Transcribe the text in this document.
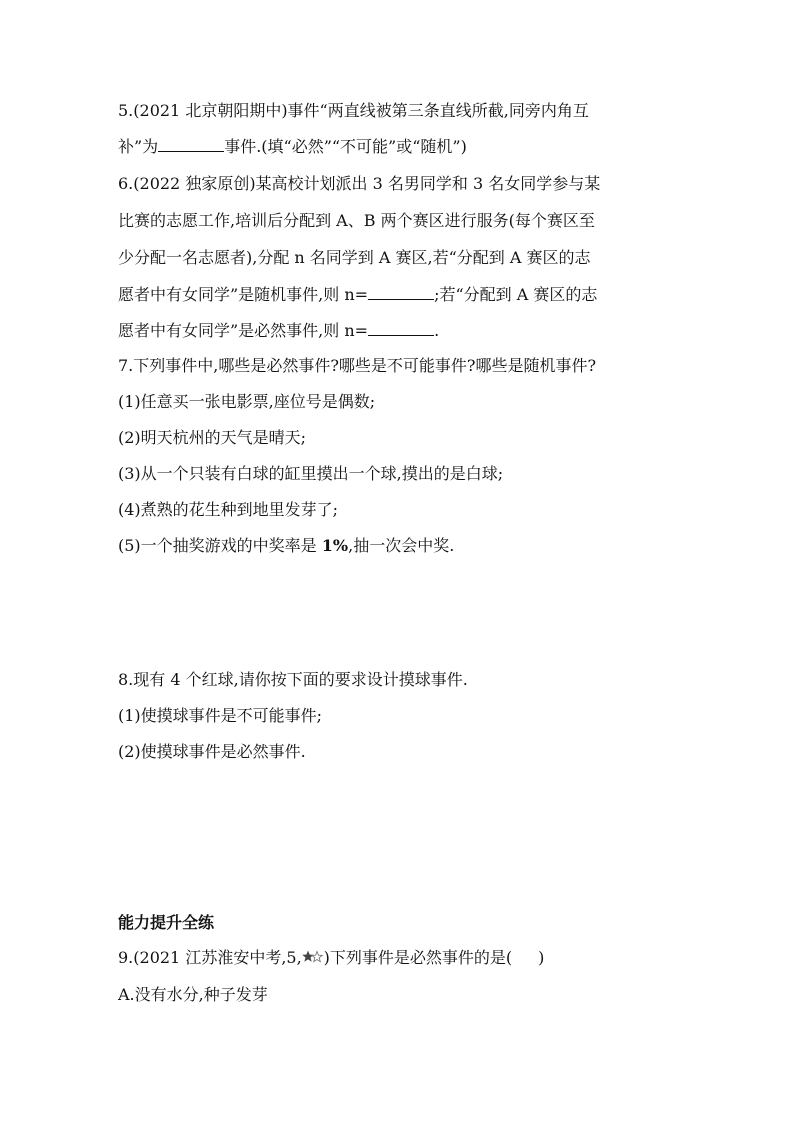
5.(2021 北京朝阳期中)事件“两直线被第三条直线所截,同旁内角互
补”为	事件.(填“必然”“不可能”或“随机”)
6.(2022 独家原创)某高校计划派出 3 名男同学和 3 名女同学参与某
比赛的志愿工作,培训后分配到 A、B 两个赛区进行服务(每个赛区至
少分配一名志愿者),分配 n 名同学到 A 赛区,若“分配到 A 赛区的志
愿者中有女同学”是随机事件,则 n=	;若“分配到 A 赛区的志
愿者中有女同学”是必然事件,则 n=	.
7.下列事件中,哪些是必然事件?哪些是不可能事件?哪些是随机事件?
(1)任意买一张电影票,座位号是偶数;
(2)明天杭州的天气是晴天;
(3)从一个只装有白球的缸里摸出一个球,摸出的是白球;
(4)煮熟的花生种到地里发芽了;
(5)一个抽奖游戏的中奖率是 1%,抽一次会中奖.
8.现有 4 个红球,请你按下面的要求设计摸球事件.
(1)使摸球事件是不可能事件;
(2)使摸球事件是必然事件.
能力提升全练
9.(2021 江苏淮安中考,5, )下列事件是必然事件的是( )
A.没有水分,种子发芽
